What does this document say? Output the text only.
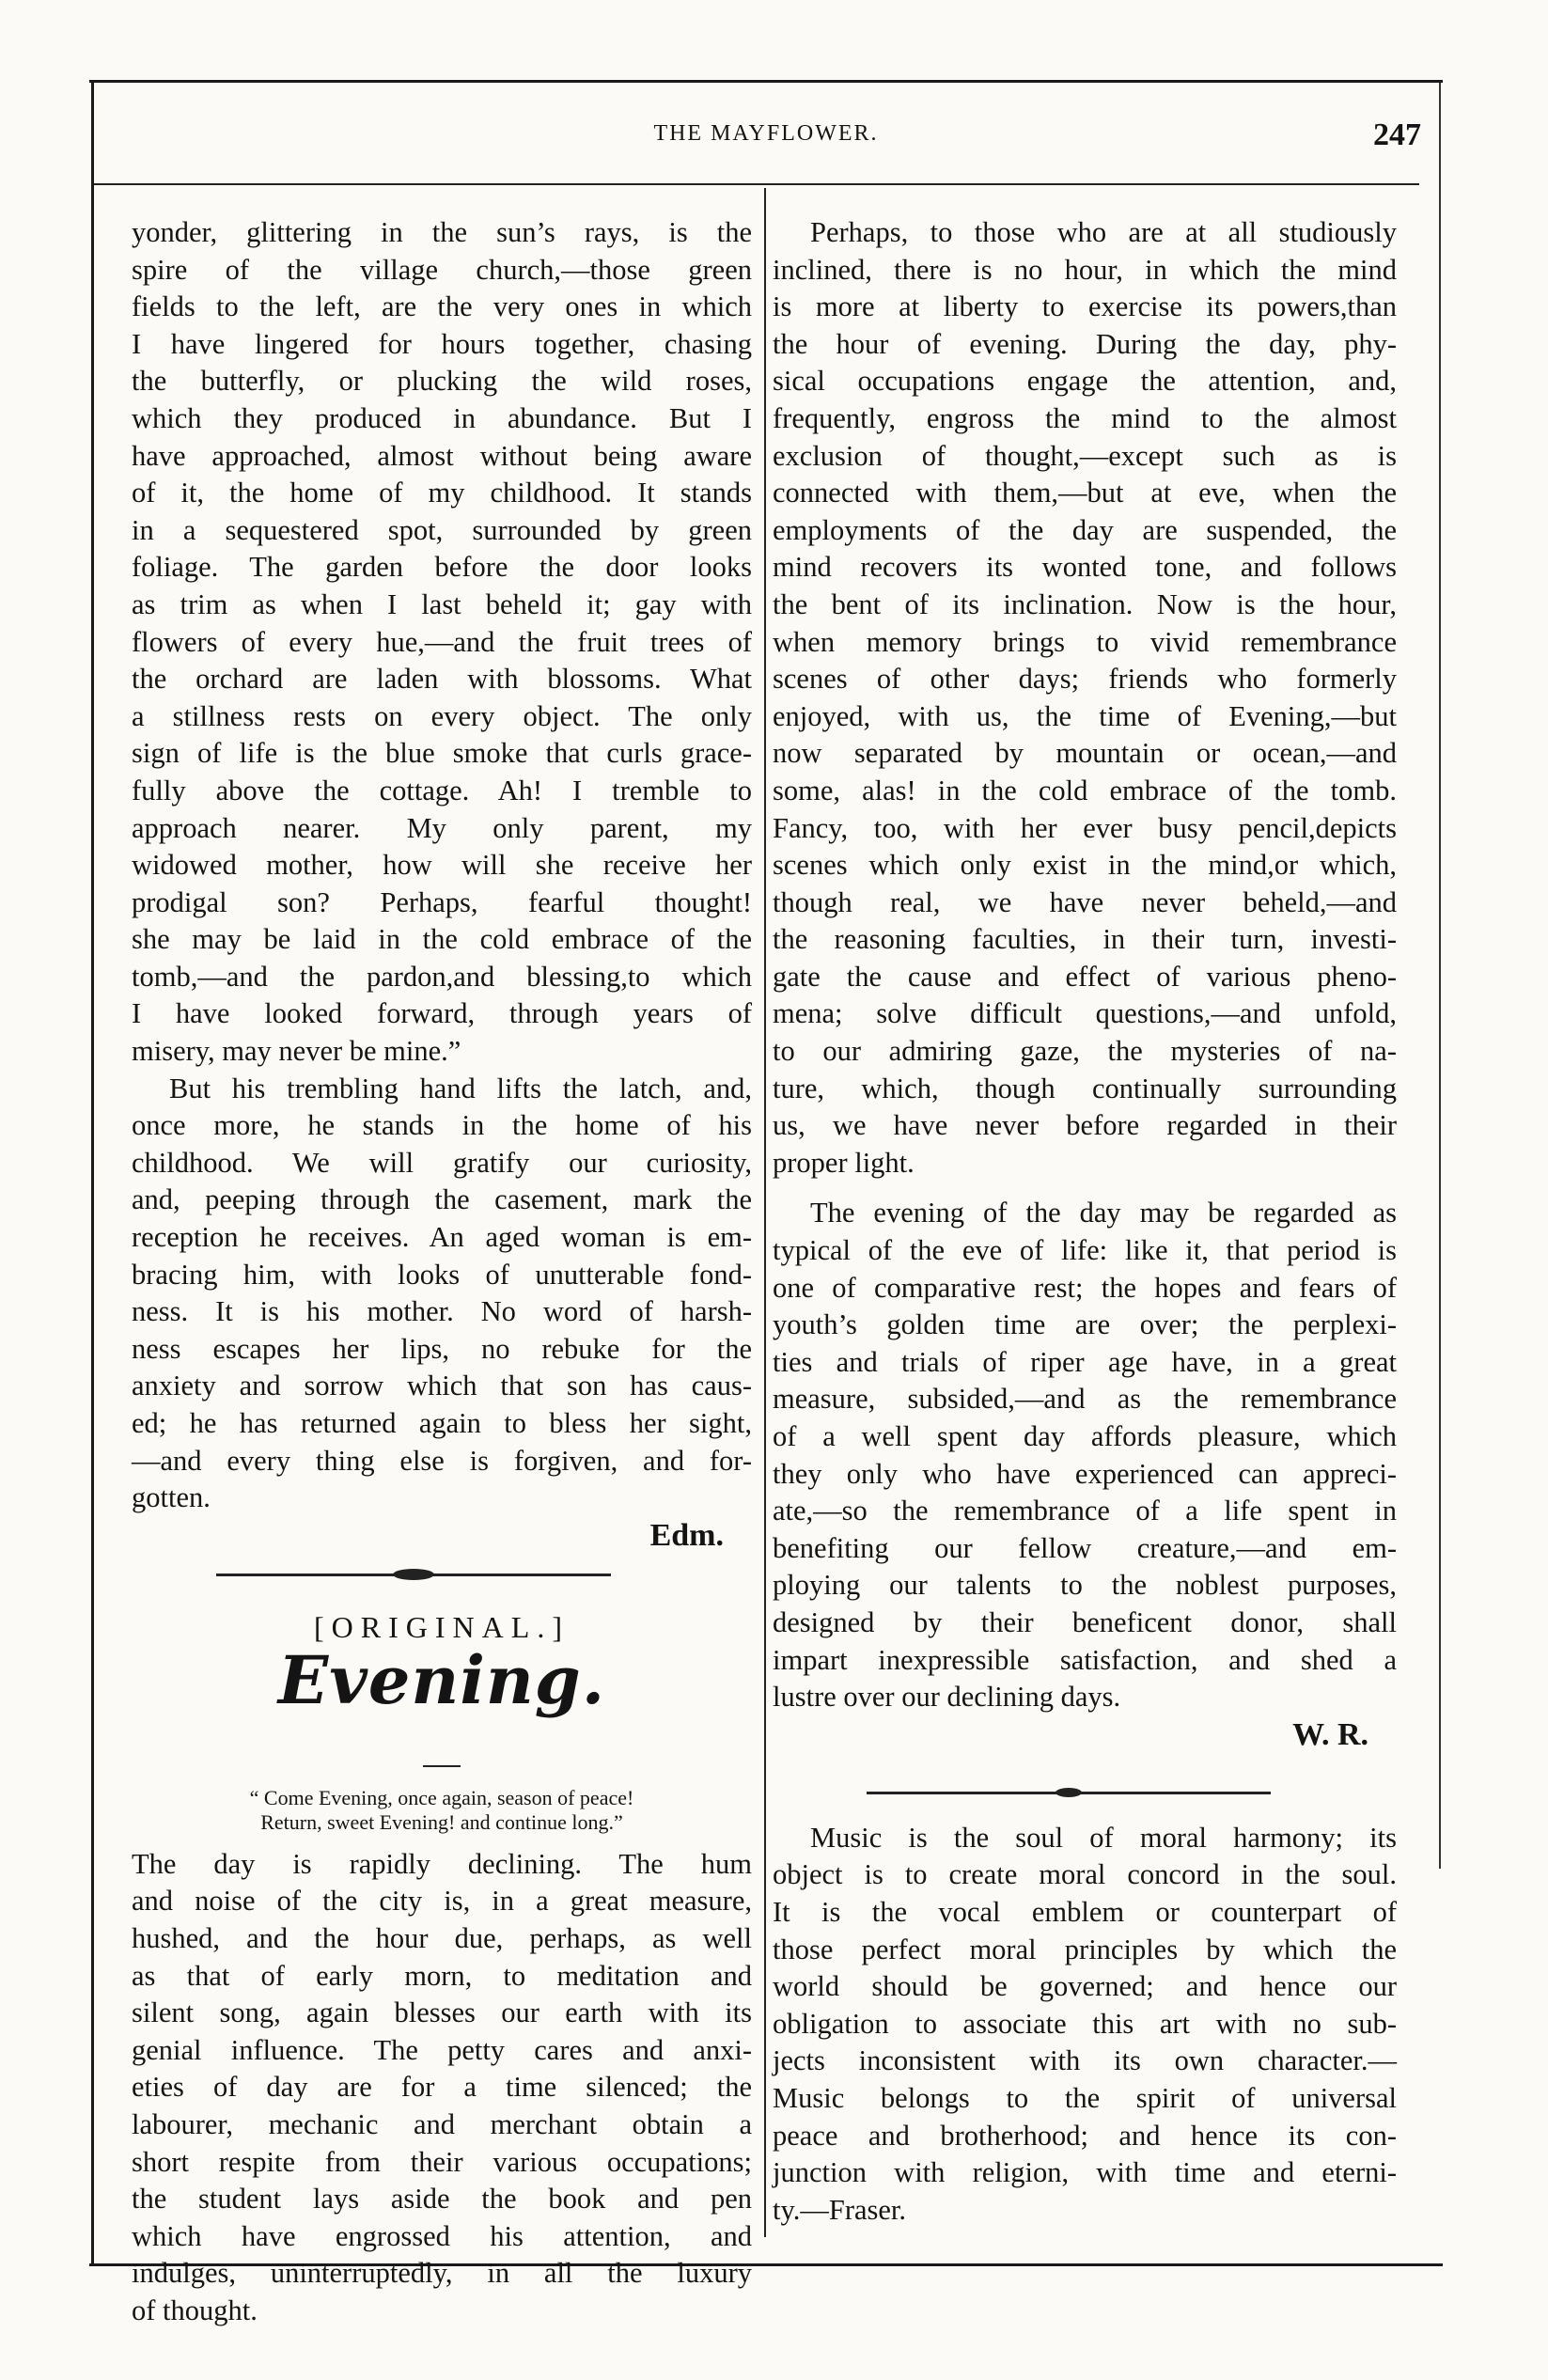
THE MAYFLOWER.	247
yonder, glittering in the sun’s rays, is the
spire of the village church,—those green
fields to the left, are the very ones in which
I have lingered for hours together, chasing
the butterfly, or plucking the wild roses,
which they produced in abundance. But I
have approached, almost without being aware
of it, the home of my childhood. It stands
in a sequestered spot, surrounded by green
foliage. The garden before the door looks
as trim as when I last beheld it; gay with
flowers of every hue,—and the fruit trees of
the orchard are laden with blossoms. What
a stillness rests on every object. The only
sign of life is the blue smoke that curls grace-
fully above the cottage. Ah! I tremble to
approach nearer. My only parent, my
widowed mother, how will she receive her
prodigal son? Perhaps, fearful thought!
she may be laid in the cold embrace of the
tomb,—and the pardon,and blessing,to which
I have looked forward, through years of
misery, may never be mine.”
But his trembling hand lifts the latch, and,
once more, he stands in the home of his
childhood. We will gratify our curiosity,
and, peeping through the casement, mark the
reception he receives. An aged woman is em-
bracing him, with looks of unutterable fond-
ness. It is his mother. No word of harsh-
ness escapes her lips, no rebuke for the
anxiety and sorrow which that son has caus-
ed; he has returned again to bless her sight,
—and every thing else is forgiven, and for-
gotten.
Edm.
[ORIGINAL.]
Evening.
“ Come Evening, once again, season of peace!
Return, sweet Evening! and continue long.”
The day is rapidly declining. The hum
and noise of the city is, in a great measure,
hushed, and the hour due, perhaps, as well
as that of early morn, to meditation and
silent song, again blesses our earth with its
genial influence. The petty cares and anxi-
eties of day are for a time silenced; the
labourer, mechanic and merchant obtain a
short respite from their various occupations;
the student lays aside the book and pen
which have engrossed his attention, and
indulges, uninterruptedly, in all the luxury
of thought.
Perhaps, to those who are at all studiously
inclined, there is no hour, in which the mind
is more at liberty to exercise its powers,than
the hour of evening. During the day, phy-
sical occupations engage the attention, and,
frequently, engross the mind to the almost
exclusion of thought,—except such as is
connected with them,—but at eve, when the
employments of the day are suspended, the
mind recovers its wonted tone, and follows
the bent of its inclination. Now is the hour,
when memory brings to vivid remembrance
scenes of other days; friends who formerly
enjoyed, with us, the time of Evening,—but
now separated by mountain or ocean,—and
some, alas! in the cold embrace of the tomb.
Fancy, too, with her ever busy pencil,depicts
scenes which only exist in the mind,or which,
though real, we have never beheld,—and
the reasoning faculties, in their turn, investi-
gate the cause and effect of various pheno-
mena; solve difficult questions,—and unfold,
to our admiring gaze, the mysteries of na-
ture, which, though continually surrounding
us, we have never before regarded in their
proper light.
The evening of the day may be regarded as
typical of the eve of life: like it, that period is
one of comparative rest; the hopes and fears of
youth’s golden time are over; the perplexi-
ties and trials of riper age have, in a great
measure, subsided,—and as the remembrance
of a well spent day affords pleasure, which
they only who have experienced can appreci-
ate,—so the remembrance of a life spent in
benefiting our fellow creature,—and em-
ploying our talents to the noblest purposes,
designed by their beneficent donor, shall
impart inexpressible satisfaction, and shed a
lustre over our declining days.
W. R.
Music is the soul of moral harmony; its
object is to create moral concord in the soul.
It is the vocal emblem or counterpart of
those perfect moral principles by which the
world should be governed; and hence our
obligation to associate this art with no sub-
jects inconsistent with its own character.—
Music belongs to the spirit of universal
peace and brotherhood; and hence its con-
junction with religion, with time and eterni-
ty.—Fraser.
